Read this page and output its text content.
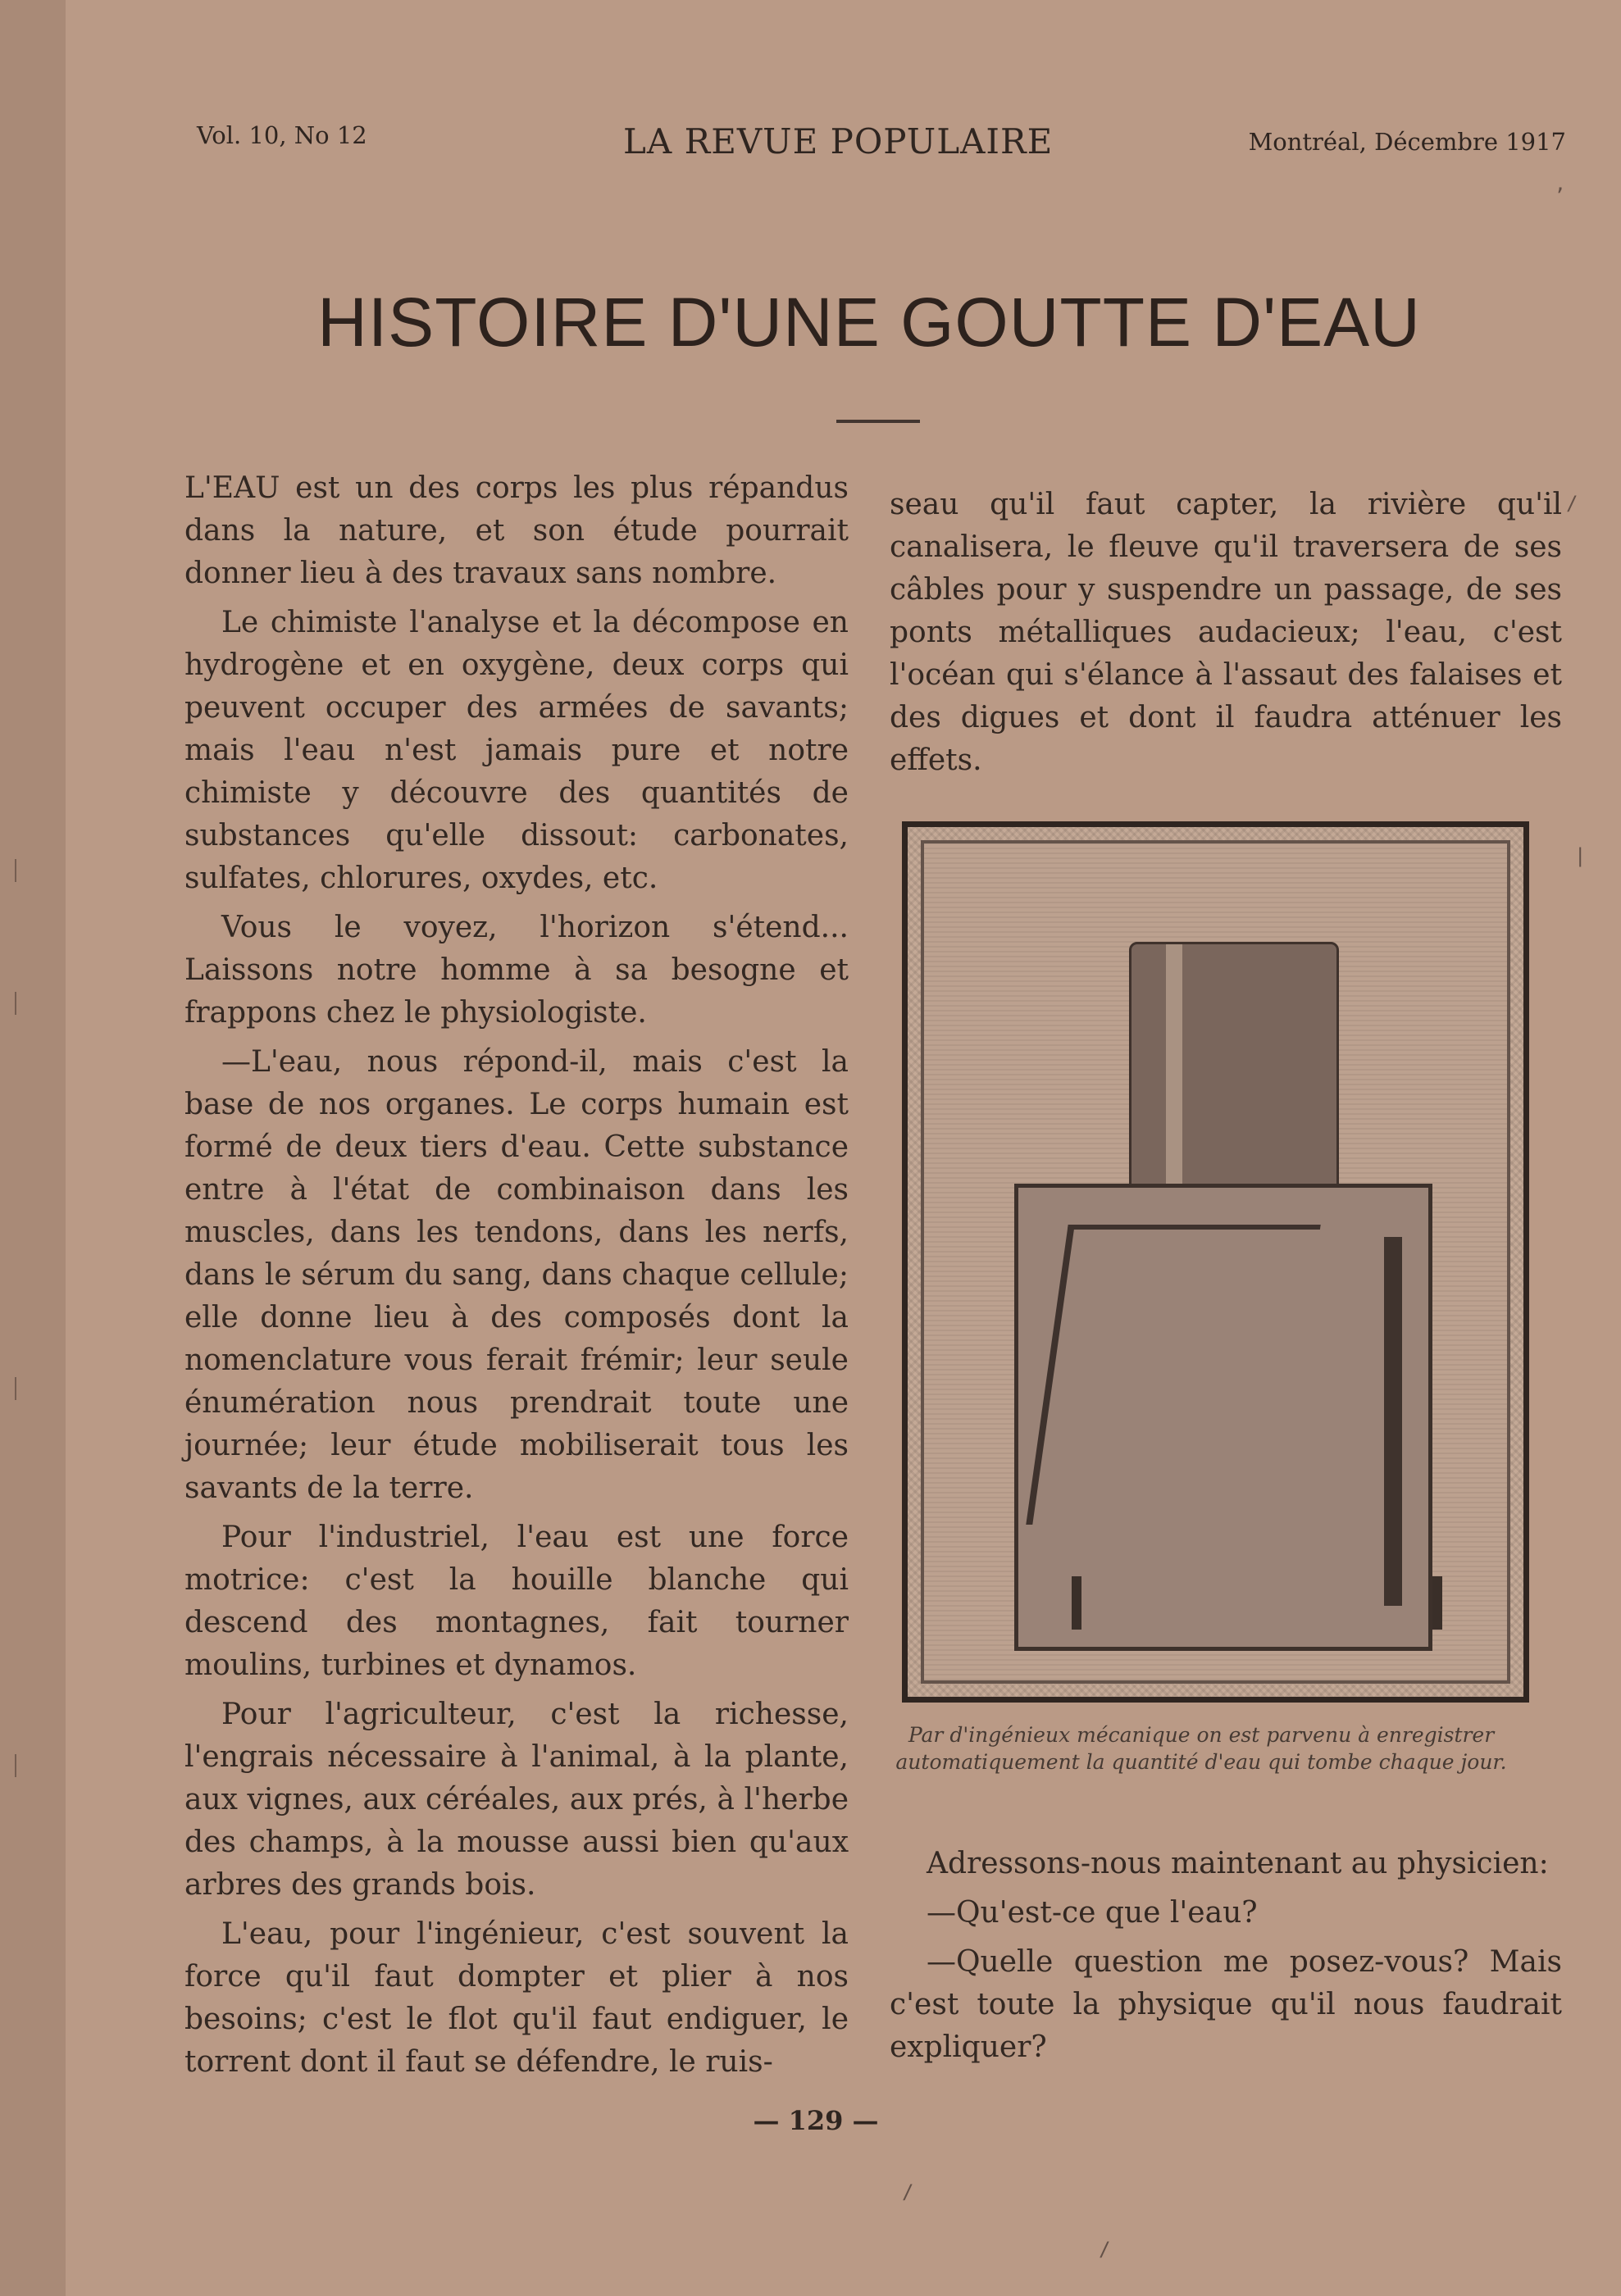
Vol. 10, No 12	LA REVUE POPULAIRE	Montréal, Décembre 1917
HISTOIRE D'UNE GOUTTE D'EAU

L'EAU est un des corps les plus répandus dans la nature, et son étude pourrait donner lieu à des travaux sans nombre.

Le chimiste l'analyse et la décompose en hydrogène et en oxygène, deux corps qui peuvent occuper des armées de savants; mais l'eau n'est jamais pure et notre chimiste y découvre des quantités de substances qu'elle dissout: carbonates, sulfates, chlorures, oxydes, etc.

Vous le voyez, l'horizon s'étend... Laissons notre homme à sa besogne et frappons chez le physiologiste.

—L'eau, nous répond-il, mais c'est la base de nos organes. Le corps humain est formé de deux tiers d'eau. Cette substance entre à l'état de combinaison dans les muscles, dans les tendons, dans les nerfs, dans le sérum du sang, dans chaque cellule; elle donne lieu à des composés dont la nomenclature vous ferait frémir; leur seule énumération nous prendrait toute une journée; leur étude mobiliserait tous les savants de la terre.

Pour l'industriel, l'eau est une force motrice: c'est la houille blanche qui descend des montagnes, fait tourner moulins, turbines et dynamos.

Pour l'agriculteur, c'est la richesse, l'engrais nécessaire à l'animal, à la plante, aux vignes, aux céréales, aux prés, à l'herbe des champs, à la mousse aussi bien qu'aux arbres des grands bois.

L'eau, pour l'ingénieur, c'est souvent la force qu'il faut dompter et plier à nos besoins; c'est le flot qu'il faut endiguer, le torrent dont il faut se défendre, le ruis-

seau qu'il faut capter, la rivière qu'il canalisera, le fleuve qu'il traversera de ses câbles pour y suspendre un passage, de ses ponts métalliques audacieux; l'eau, c'est l'océan qui s'élance à l'assaut des falaises et des digues et dont il faudra atténuer les effets.

Par d'ingénieux mécanique on est parvenu à enregistrer automatiquement la quantité d'eau qui tombe chaque jour.

Adressons-nous maintenant au physicien:

—Qu'est-ce que l'eau?

—Quelle question me posez-vous? Mais c'est toute la physique qu'il nous faudrait expliquer?

— 129 —
’
/
|
/
/
